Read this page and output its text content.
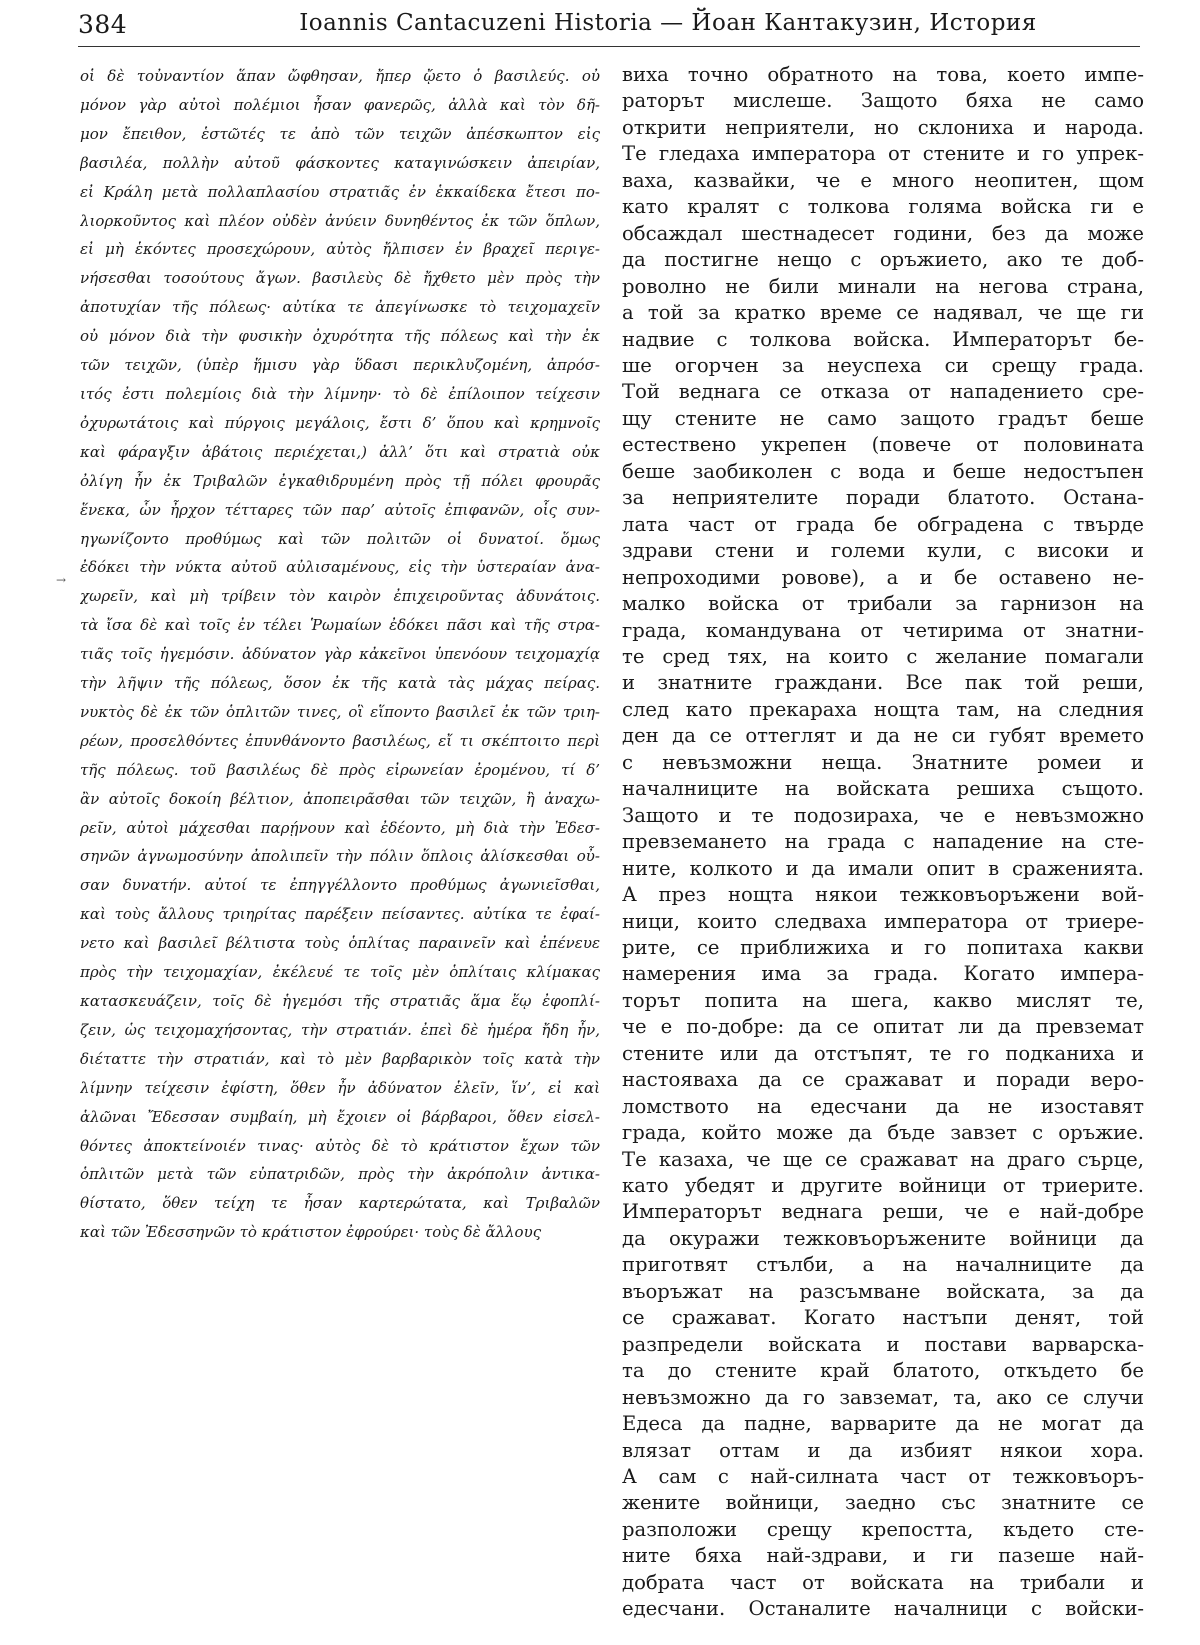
384	Ioannis Cantacuzeni Historia — Йоан Кантакузин, История
→
οἱ δὲ τοὐναντίον ἅπαν ὤφθησαν, ἤπερ ᾤετο ὁ βασιλεύς. οὐ
μόνον γὰρ αὐτοὶ πολέμιοι ἦσαν φανερῶς, ἀλλὰ καὶ τὸν δῆ-
μον ἔπειθον, ἑστῶτές τε ἀπὸ τῶν τειχῶν ἀπέσκωπτον εἰς
βασιλέα, πολλὴν αὐτοῦ φάσκοντες καταγινώσκειν ἀπειρίαν,
εἰ Κράλη μετὰ πολλαπλασίου στρατιᾶς ἐν ἑκκαίδεκα ἔτεσι πο-
λιορκοῦντος καὶ πλέον οὐδὲν ἀνύειν δυνηθέντος ἐκ τῶν ὅπλων,
εἰ μὴ ἑκόντες προσεχώρουν, αὐτὸς ἤλπισεν ἐν βραχεῖ περιγε-
νήσεσθαι τοσούτους ἄγων. βασιλεὺς δὲ ἤχθετο μὲν πρὸς τὴν
ἀποτυχίαν τῆς πόλεως· αὐτίκα τε ἀπεγίνωσκε τὸ τειχομαχεῖν
οὐ μόνον διὰ τὴν φυσικὴν ὀχυρότητα τῆς πόλεως καὶ τὴν ἐκ
τῶν τειχῶν, (ὑπὲρ ἥμισυ γὰρ ὕδασι περικλυζομένη, ἀπρόσ-
ιτός ἐστι πολεμίοις διὰ τὴν λίμνην· τὸ δὲ ἐπίλοιπον τείχεσιν
ὀχυρωτάτοις καὶ πύργοις μεγάλοις, ἔστι δ’ ὅπου καὶ κρημνοῖς
καὶ φάραγξιν ἀβάτοις περιέχεται,) ἀλλ’ ὅτι καὶ στρατιὰ οὐκ
ὀλίγη ἦν ἐκ Τριβαλῶν ἐγκαθιδρυμένη πρὸς τῇ πόλει φρουρᾶς
ἕνεκα, ὧν ἦρχον τέτταρες τῶν παρ’ αὐτοῖς ἐπιφανῶν, οἷς συν-
ηγωνίζοντο προθύμως καὶ τῶν πολιτῶν οἱ δυνατοί. ὅμως
ἐδόκει τὴν νύκτα αὐτοῦ αὐλισαμένους, εἰς τὴν ὑστεραίαν ἀνα-
χωρεῖν, καὶ μὴ τρίβειν τὸν καιρὸν ἐπιχειροῦντας ἀδυνάτοις.
τὰ ἴσα δὲ καὶ τοῖς ἐν τέλει Ῥωμαίων ἐδόκει πᾶσι καὶ τῆς στρα-
τιᾶς τοῖς ἡγεμόσιν. ἀδύνατον γὰρ κἀκεῖνοι ὑπενόουν τειχομαχίᾳ
τὴν λῆψιν τῆς πόλεως, ὅσον ἐκ τῆς κατὰ τὰς μάχας πείρας.
νυκτὸς δὲ ἐκ τῶν ὁπλιτῶν τινες, οἳ εἵποντο βασιλεῖ ἐκ τῶν τριη-
ρέων, προσελθόντες ἐπυνθάνοντο βασιλέως, εἴ τι σκέπτοιτο περὶ
τῆς πόλεως. τοῦ βασιλέως δὲ πρὸς εἰρωνείαν ἐρομένου, τί δ’
ἂν αὐτοῖς δοκοίη βέλτιον, ἀποπειρᾶσθαι τῶν τειχῶν, ἢ ἀναχω-
ρεῖν, αὐτοὶ μάχεσθαι παρῄνουν καὶ ἐδέοντο, μὴ διὰ τὴν Ἐδεσ-
σηνῶν ἀγνωμοσύνην ἀπολιπεῖν τὴν πόλιν ὅπλοις ἁλίσκεσθαι οὖ-
σαν δυνατήν. αὐτοί τε ἐπηγγέλλοντο προθύμως ἀγωνιεῖσθαι,
καὶ τοὺς ἄλλους τριηρίτας παρέξειν πείσαντες. αὐτίκα τε ἐφαί-
νετο καὶ βασιλεῖ βέλτιστα τοὺς ὁπλίτας παραινεῖν καὶ ἐπένευε
πρὸς τὴν τειχομαχίαν, ἐκέλευέ τε τοῖς μὲν ὁπλίταις κλίμακας
κατασκευάζειν, τοῖς δὲ ἡγεμόσι τῆς στρατιᾶς ἅμα ἕῳ ἐφοπλί-
ζειν, ὡς τειχομαχήσοντας, τὴν στρατιάν. ἐπεὶ δὲ ἡμέρα ἤδη ἦν,
διέταττε τὴν στρατιάν, καὶ τὸ μὲν βαρβαρικὸν τοῖς κατὰ τὴν
λίμνην τείχεσιν ἐφίστη, ὅθεν ἦν ἀδύνατον ἑλεῖν, ἵν’, εἰ καὶ
ἁλῶναι Ἔδεσσαν συμβαίη, μὴ ἔχοιεν οἱ βάρβαροι, ὅθεν εἰσελ-
θόντες ἀποκτείνοιέν τινας· αὐτὸς δὲ τὸ κράτιστον ἔχων τῶν
ὁπλιτῶν μετὰ τῶν εὐπατριδῶν, πρὸς τὴν ἀκρόπολιν ἀντικα-
θίστατο, ὅθεν τείχη τε ἦσαν καρτερώτατα, καὶ Τριβαλῶν
καὶ τῶν Ἐδεσσηνῶν τὸ κράτιστον ἐφρούρει· τοὺς δὲ ἄλλους
виха точно обратното на това, което импе-
раторът мислеше. Защото бяха не само
открити неприятели, но склониха и народа.
Те гледаха императора от стените и го упрек-
ваха, казвайки, че е много неопитен, щом
като кралят с толкова голяма войска ги е
обсаждал шестнадесет години, без да може
да постигне нещо с оръжието, ако те доб-
роволно не били минали на негова страна,
а той за кратко време се надявал, че ще ги
надвие с толкова войска. Императорът бе-
ше огорчен за неуспеха си срещу града.
Той веднага се отказа от нападението сре-
щу стените не само защото градът беше
естествено укрепен (повече от половината
беше заобиколен с вода и беше недостъпен
за неприятелите поради блатото. Остана-
лата част от града бе обградена с твърде
здрави стени и големи кули, с високи и
непроходими ровове), а и бе оставено не-
малко войска от трибали за гарнизон на
града, командувана от четирима от знатни-
те сред тях, на които с желание помагали
и знатните граждани. Все пак той реши,
след като прекараха нощта там, на следния
ден да се оттеглят и да не си губят времето
с невъзможни неща. Знатните ромеи и
началниците на войската решиха същото.
Защото и те подозираха, че е невъзможно
превземането на града с нападение на сте-
ните, колкото и да имали опит в сраженията.
А през нощта някои тежковъоръжени вой-
ници, които следваха императора от триере-
рите, се приближиха и го попитаха какви
намерения има за града. Когато импера-
торът попита на шега, какво мислят те,
че е по-добре: да се опитат ли да превземат
стените или да отстъпят, те го подканиха и
настояваха да се сражават и поради веро-
ломството на едесчани да не изоставят
града, който може да бъде завзет с оръжие.
Те казаха, че ще се сражават на драго сърце,
като убедят и другите войници от триерите.
Императорът веднага реши, че е най-добре
да окуражи тежковъоръжените войници да
приготвят стълби, а на началниците да
въоръжат на разсъмване войската, за да
се сражават. Когато настъпи денят, той
разпредели войската и постави варварска-
та до стените край блатото, откъдето бе
невъзможно да го завземат, та, ако се случи
Едеса да падне, варварите да не могат да
влязат оттам и да избият някои хора.
А сам с най-силната част от тежковъоръ-
жените войници, заедно със знатните се
разположи срещу крепостта, където сте-
ните бяха най-здрави, и ги пазеше най-
добрата част от войската на трибали и
едесчани. Останалите началници с войски-
